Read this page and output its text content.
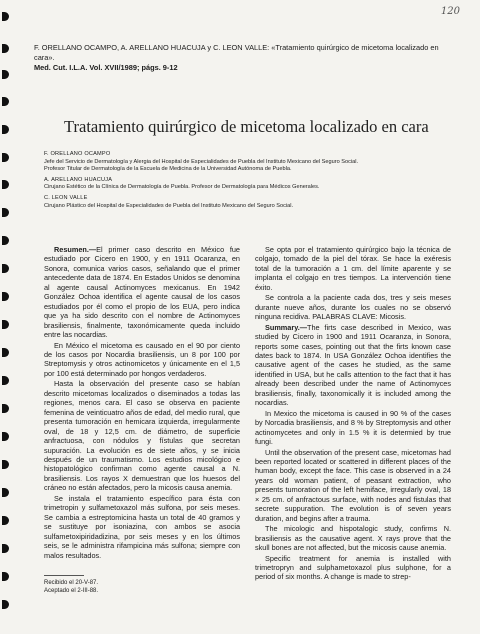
120
F. ORELLANO OCAMPO, A. ARELLANO HUACUJA y C. LEON VALLE: «Tratamiento quirúrgico de micetoma localizado en cara».
Med. Cut. I.L.A. Vol. XVII/1989; págs. 9-12
Tratamiento quirúrgico de micetoma localizado en cara
F. ORELLANO OCAMPO
Jefe del Servicio de Dermatología y Alergia del Hospital de Especialidades de Puebla del Instituto Mexicano del Seguro Social.
Profesor Titular de Dermatología de la Escuela de Medicina de la Universidad Autónoma de Puebla.
A. ARELLANO HUACUJA
Cirujano Estético de la Clínica de Dermatología de Puebla. Profesor de Dermatología para Médicos Generales.
C. LEON VALLE
Cirujano Plástico del Hospital de Especialidades de Puebla del Instituto Mexicano del Seguro Social.

Resumen.—El primer caso descrito en México fue estudiado por Cicero en 1900, y en 1911 Ocaranza, en Sonora, comunica varios casos, señalando que el primer antecedente data de 1874. En Estados Unidos se denomina al agente causal Actinomyces mexicanus. En 1942 González Ochoa identifica el agente causal de los casos estudiados por él como el propio de los EUA, pero indica que ya ha sido descrito con el nombre de Actinomyces brasiliensis, finalmente, taxonómicamente queda incluido entre las nocardias.

En México el micetoma es causado en el 90 por ciento de los casos por Nocardia brasiliensis, un 8 por 100 por Streptomysis y otros actinomicetos y únicamente en el 1,5 por 100 está determinado por hongos verdaderos.

Hasta la observación del presente caso se habían descrito micetomas localizados o diseminados a todas las regiones, menos cara. El caso se observa en paciente femenina de veinticuatro años de edad, del medio rural, que presenta tumoración en hemicara izquierda, irregularmente oval, de 18 y 12,5 cm. de diámetro, de superficie anfractuosa, con nódulos y fístulas que secretan supuración. La evolución es de siete años, y se inicia después de un traumatismo. Los estudios micológico e histopatológico confirman como agente causal a N. brasiliensis. Los rayos X demuestran que los huesos del cráneo no están afectados, pero la micosis causa anemia.

Se instala el tratamiento específico para ésta con trimetropin y sulfametoxazol más sulfona, por seis meses. Se cambia a estreptomicina hasta un total de 40 gramos y se sustituye por isoniazina, con ambos se asocia sulfametoxipiridadizina, por seis meses y en los últimos seis, se le administra rifampicina más sulfona; siempre con malos resultados.

Se opta por el tratamiento quirúrgico bajo la técnica de colgajo, tomado de la piel del tórax. Se hace la exéresis total de la tumoración a 1 cm. del límite aparente y se implanta el colgajo en tres tiempos. La intervención tiene éxito.

Se controla a la paciente cada dos, tres y seis meses durante nueve años, durante los cuales no se observó ninguna recidiva. PALABRAS CLAVE: Micosis.

Summary.—The firts case described in Mexico, was studied by Cicero in 1900 and 1911 Ocaranza, in Sonora, reports some cases, pointing out that the firts known case dates back to 1874. In USA González Ochoa identifies the causative agent of the cases he studied, as the same identified in USA, but he calls attention to the fact that it has already been described under the name of Actinomyces brasiliensis, finally, taxonomically it is included among the nocardias.

In Mexico the micetoma is caused in 90 % of the cases by Norcadia brasiliensis, and 8 % by Streptomysis and other actinomycetes and only in 1.5 % it is determied by true fungi.

Until the observation of the present case, micetomas had been reported located or scattered in different places of the human body, except the face. This case is observed in a 24 years old woman patient, of peasant extraction, who presents tumoration of the left hemiface, irregularly oval, 18 × 25 cm. of anfractous surface, with nodes and fistulas that secrete suppuration. The evolution is of seven years duration, and begins after a trauma.

The micologic and hispotalogic study, confirms N. brasiliensis as the causative agent. X rays prove that the skull bones are not affected, but the micosis cause anemia.

Specific treatment for anemia is installed with trimetropryn and sulphametoxazol plus sulphone, for a period of six months. A change is made to strep-

Recibido el 20-V-87.
Aceptado el 2-III-88.
